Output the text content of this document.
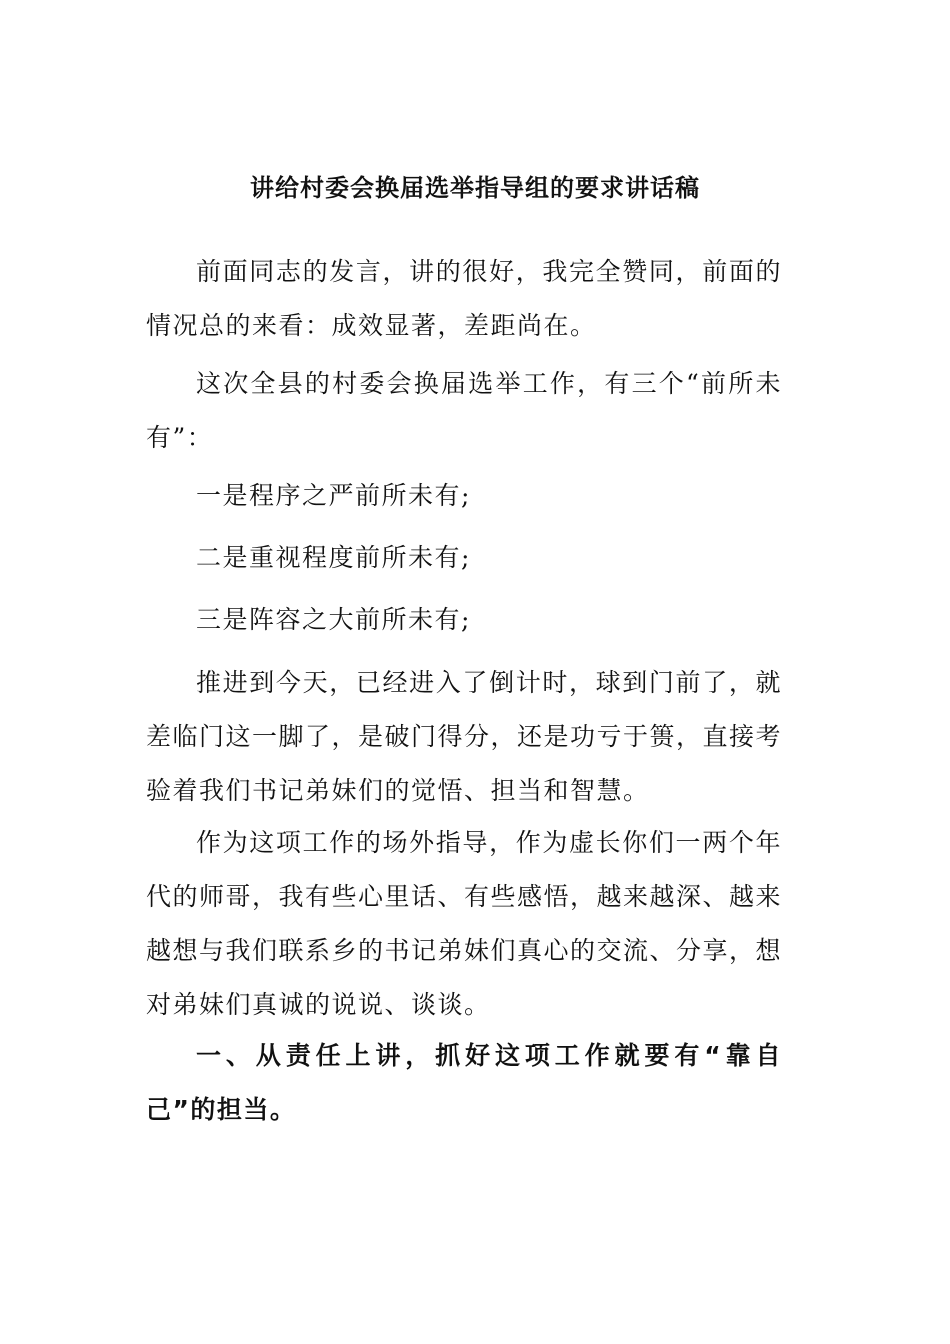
讲给村委会换届选举指导组的要求讲话稿

前面同志的发言，讲的很好，我完全赞同，前面的情况总的来看：成效显著，差距尚在。

这次全县的村委会换届选举工作，有三个“前所未有”：

一是程序之严前所未有;

二是重视程度前所未有;

三是阵容之大前所未有;

推进到今天，已经进入了倒计时，球到门前了，就差临门这一脚了，是破门得分，还是功亏于篑，直接考验着我们书记弟妹们的觉悟、担当和智慧。

作为这项工作的场外指导，作为虚长你们一两个年代的师哥，我有些心里话、有些感悟，越来越深、越来越想与我们联系乡的书记弟妹们真心的交流、分享，想对弟妹们真诚的说说、谈谈。

一、从责任上讲，抓好这项工作就要有“靠自己”的担当。
